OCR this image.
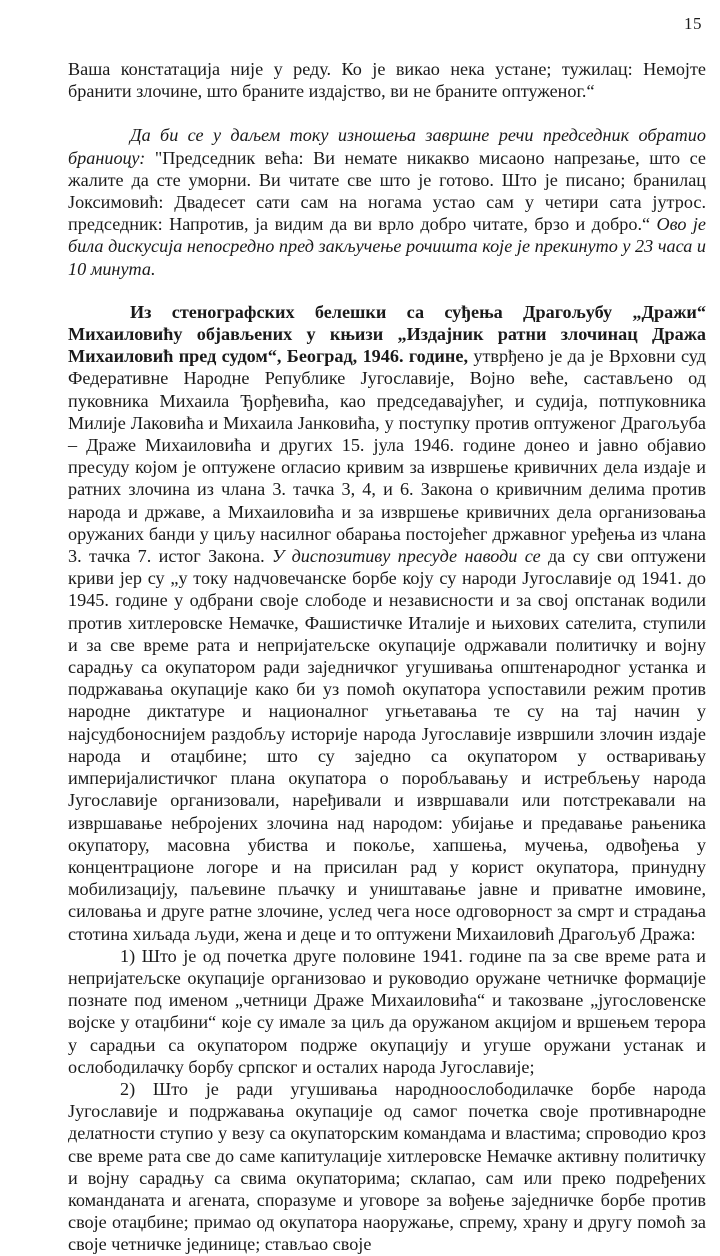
15

Ваша констатација није у реду. Ко је викао нека устане; тужилац: Немојте бранити злочине, што браните издајство, ви не браните оптуженог.“

Да би се у даљем току изношења завршне речи председник обратио браниоцу: "Председник већа: Ви немате никакво мисаоно напрезање, што се жалите да сте уморни. Ви читате све што је готово. Што је писано; бранилац Јоксимовић: Двадесет сати сам на ногама устао сам у четири сата јутрос. председник: Напротив, ја видим да ви врло добро читате, брзо и добро.“ Ово је била дискусија непосредно пред закључење рочишта које је прекинуто у 23 часа и 10 минута.

Из стенографских белешки са суђења Драгољубу „Дражи“ Михаиловићу објављених у књизи „Издајник ратни злочинац Дража Михаиловић пред судом“, Београд, 1946. године, утврђено је да је Врховни суд Федеративне Народне Републике Југославије, Војно веће, састављено од пуковника Михаила Ђорђевића, као председавајућег, и судија, потпуковника Милије Лаковића и Михаила Јанковића, у поступку против оптуженог Драгољуба – Драже Михаиловића и других 15. јула 1946. године донео и јавно објавио пресуду којом је оптужене огласио кривим за извршење кривичних дела издаје и ратних злочина из члана 3. тачка 3, 4, и 6. Закона о кривичним делима против народа и државе, а Михаиловића и за извршење кривичних дела организовања оружаних банди у циљу насилног обарања постојећег државног уређења из члана 3. тачка 7. истог Закона. У диспозитиву пресуде наводи се да су сви оптужени криви јер су „у току надчовечанске борбе коју су народи Југославије од 1941. до 1945. године у одбрани своје слободе и независности и за свој опстанак водили против хитлеровске Немачке, Фашистичке Италије и њихових сателита, ступили и за све време рата и непријатељске окупације одржавали политичку и војну сарадњу са окупатором ради заједничког угушивања општенародног устанка и подржавања окупације како би уз помоћ окупатора успоставили режим против народне диктатуре и националног угњетавања те су на тај начин у најсудбоноснијем раздобљу историје народа Југославије извршили злочин издаје народа и отаџбине; што су заједно са окупатором у остваривању империјалистичког плана окупатора о поробљавању и истребљењу народа Југославије организовали, наређивали и извршавали или потстрекавали на извршавање небројених злочина над народом: убијање и предавање рањеника окупатору, масовна убиства и покоље, хапшења, мучења, одвођења у концентрационе логоре и на присилан рад у корист окупатора, принудну мобилизацију, паљевине пљачку и уништавање јавне и приватне имовине, силовања и друге ратне злочине, услед чега носе одговорност за смрт и страдања стотина хиљада људи, жена и деце и то оптужени Михаиловић Драгољуб Дража:

1) Што је од почетка друге половине 1941. године па за све време рата и непријатељске окупације организовао и руководио оружане четничке формације познате под именом „четници Драже Михаиловића“ и такозване „југословенске војске у отаџбини“ које су имале за циљ да оружаном акцијом и вршењем терора у сарадњи са окупатором подрже окупацију и угуше оружани устанак и ослободилачку борбу српског и осталих народа Југославије;

2) Што је ради угушивања народноослободилачке борбе народа Југославије и подржавања окупације од самог почетка своје противнародне делатности ступио у везу са окупаторским командама и властима; спроводио кроз све време рата све до саме капитулације хитлеровске Немачке активну политичку и војну сарадњу са свима окупаторима; склапао, сам или преко подређених команданата и агената, споразуме и уговоре за вођење заједничке борбе против своје отаџбине; примао од окупатора наоружање, спрему, храну и другу помоћ за своје четничке јединице; стављао своје
